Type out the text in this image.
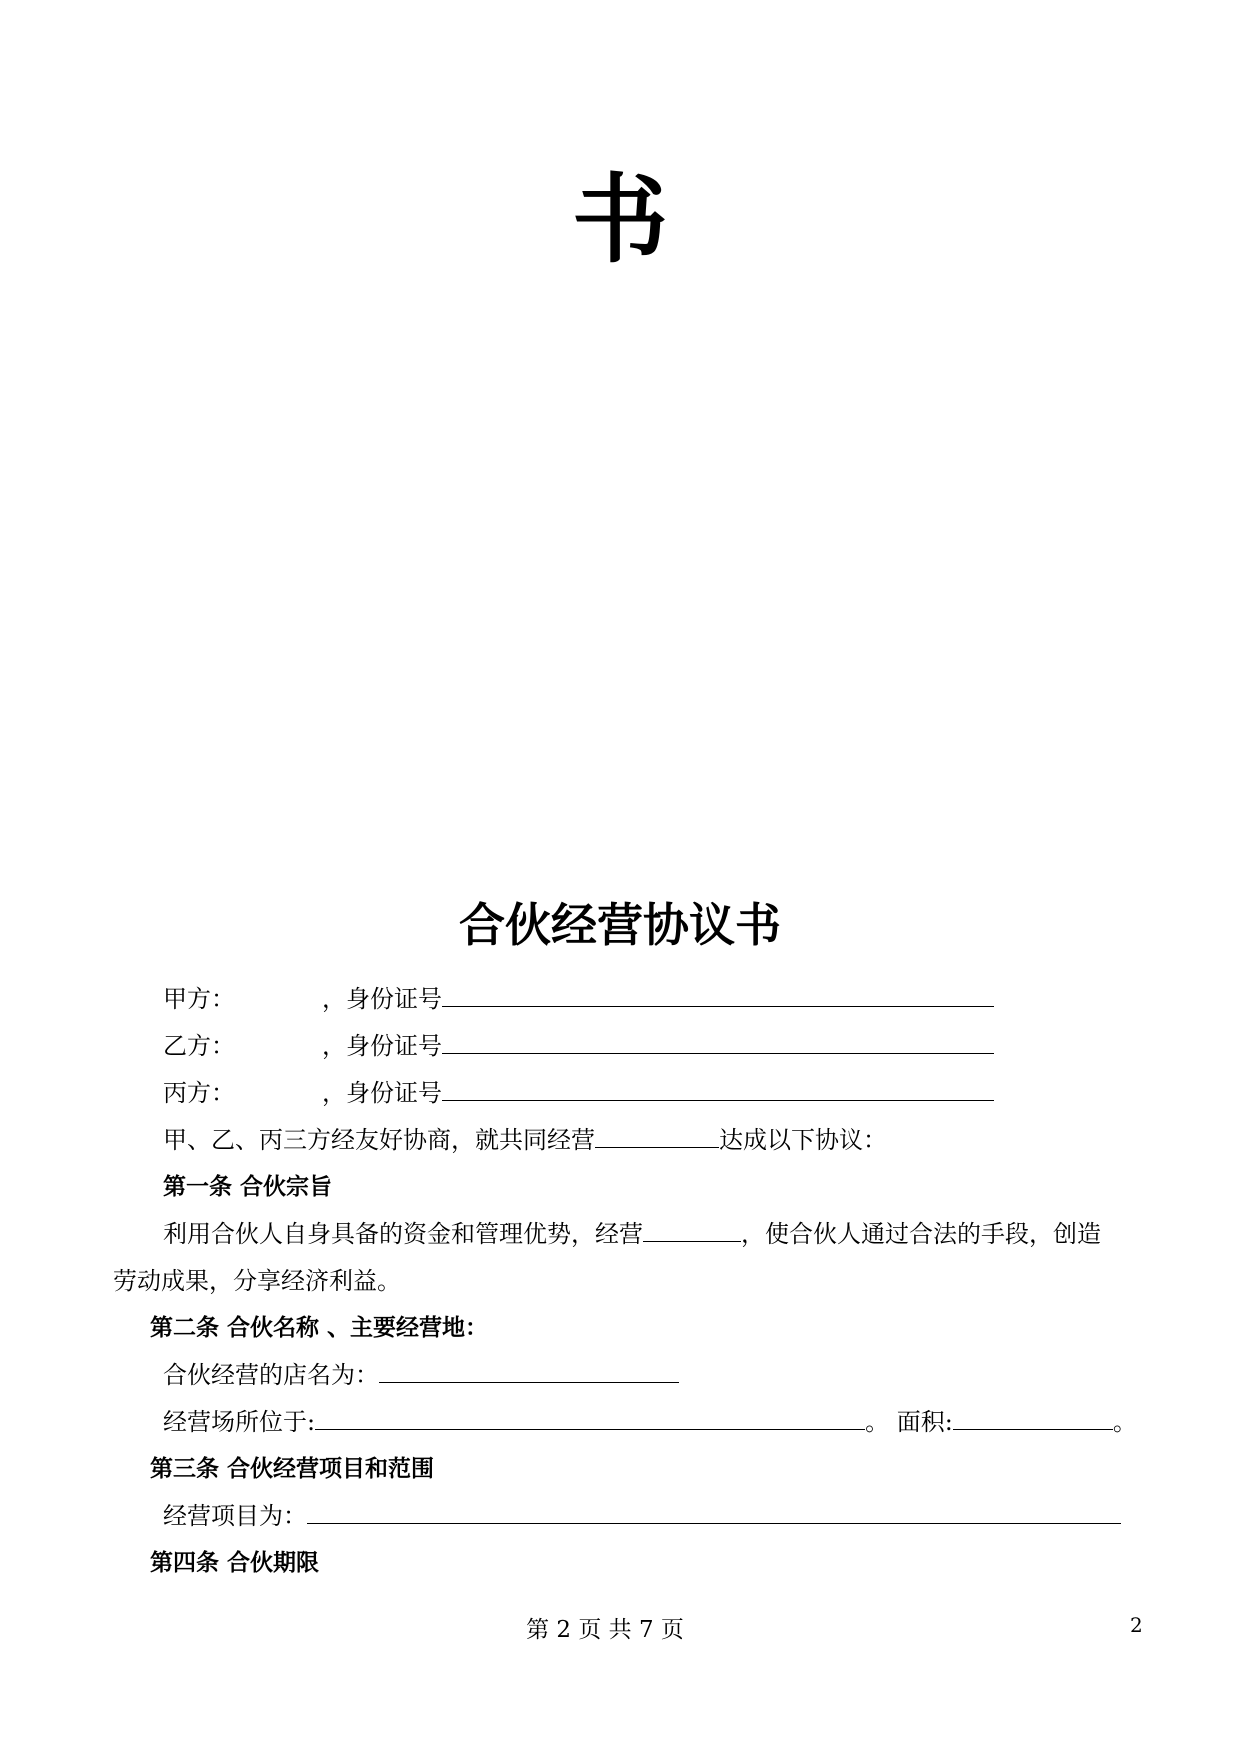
书
合伙经营协议书
甲方：	，身份证号
乙方：	，身份证号
丙方：	，身份证号
甲、乙、丙三方经友好协商，就共同经营	达成以下协议：
第一条 合伙宗旨
利用合伙人自身具备的资金和管理优势，经营	，使合伙人通过合法的手段，创造
劳动成果，分享经济利益。
第二条 合伙名称 、主要经营地：
合伙经营的店名为：
经营场所位于:	。 面积:	。
第三条 合伙经营项目和范围
经营项目为：
第四条 合伙期限
第 2 页 共 7 页	2
